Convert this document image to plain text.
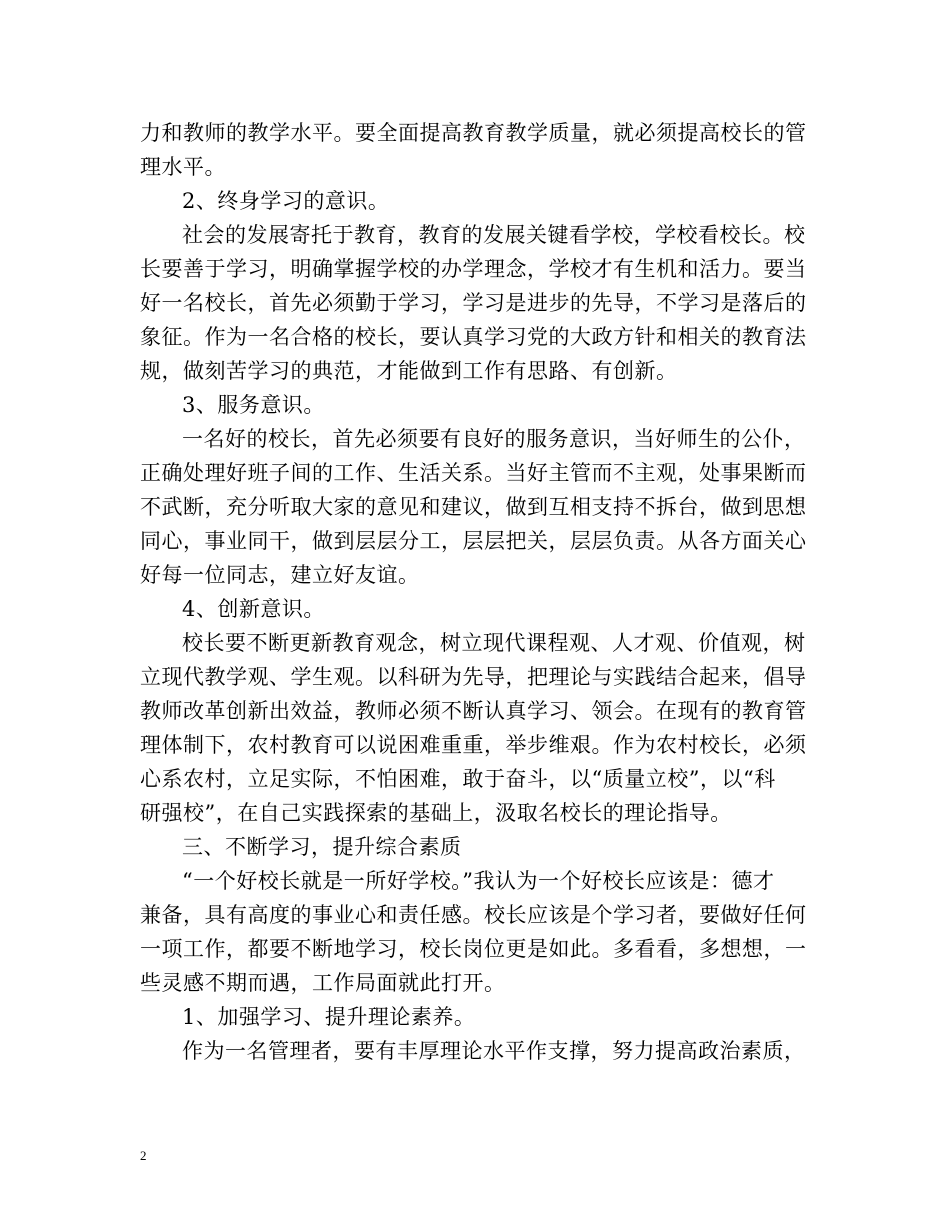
力和教师的教学水平。要全面提高教育教学质量，就必须提高校长的管
理水平。
2、终身学习的意识。
社会的发展寄托于教育，教育的发展关键看学校，学校看校长。校
长要善于学习，明确掌握学校的办学理念，学校才有生机和活力。要当
好一名校长，首先必须勤于学习，学习是进步的先导，不学习是落后的
象征。作为一名合格的校长，要认真学习党的大政方针和相关的教育法
规，做刻苦学习的典范，才能做到工作有思路、有创新。
3、服务意识。
一名好的校长，首先必须要有良好的服务意识，当好师生的公仆，
正确处理好班子间的工作、生活关系。当好主管而不主观，处事果断而
不武断，充分听取大家的意见和建议，做到互相支持不拆台，做到思想
同心，事业同干，做到层层分工，层层把关，层层负责。从各方面关心
好每一位同志，建立好友谊。
4、创新意识。
校长要不断更新教育观念，树立现代课程观、人才观、价值观，树
立现代教学观、学生观。以科研为先导，把理论与实践结合起来，倡导
教师改革创新出效益，教师必须不断认真学习、领会。在现有的教育管
理体制下，农村教育可以说困难重重，举步维艰。作为农村校长，必须
心系农村，立足实际，不怕困难，敢于奋斗，以“质量立校”，以“科
研强校”，在自己实践探索的基础上，汲取名校长的理论指导。
三、不断学习，提升综合素质
“一个好校长就是一所好学校。”我认为一个好校长应该是：德才
兼备，具有高度的事业心和责任感。校长应该是个学习者，要做好任何
一项工作，都要不断地学习，校长岗位更是如此。多看看，多想想，一
些灵感不期而遇，工作局面就此打开。
1、加强学习、提升理论素养。
作为一名管理者，要有丰厚理论水平作支撑，努力提高政治素质，
2
